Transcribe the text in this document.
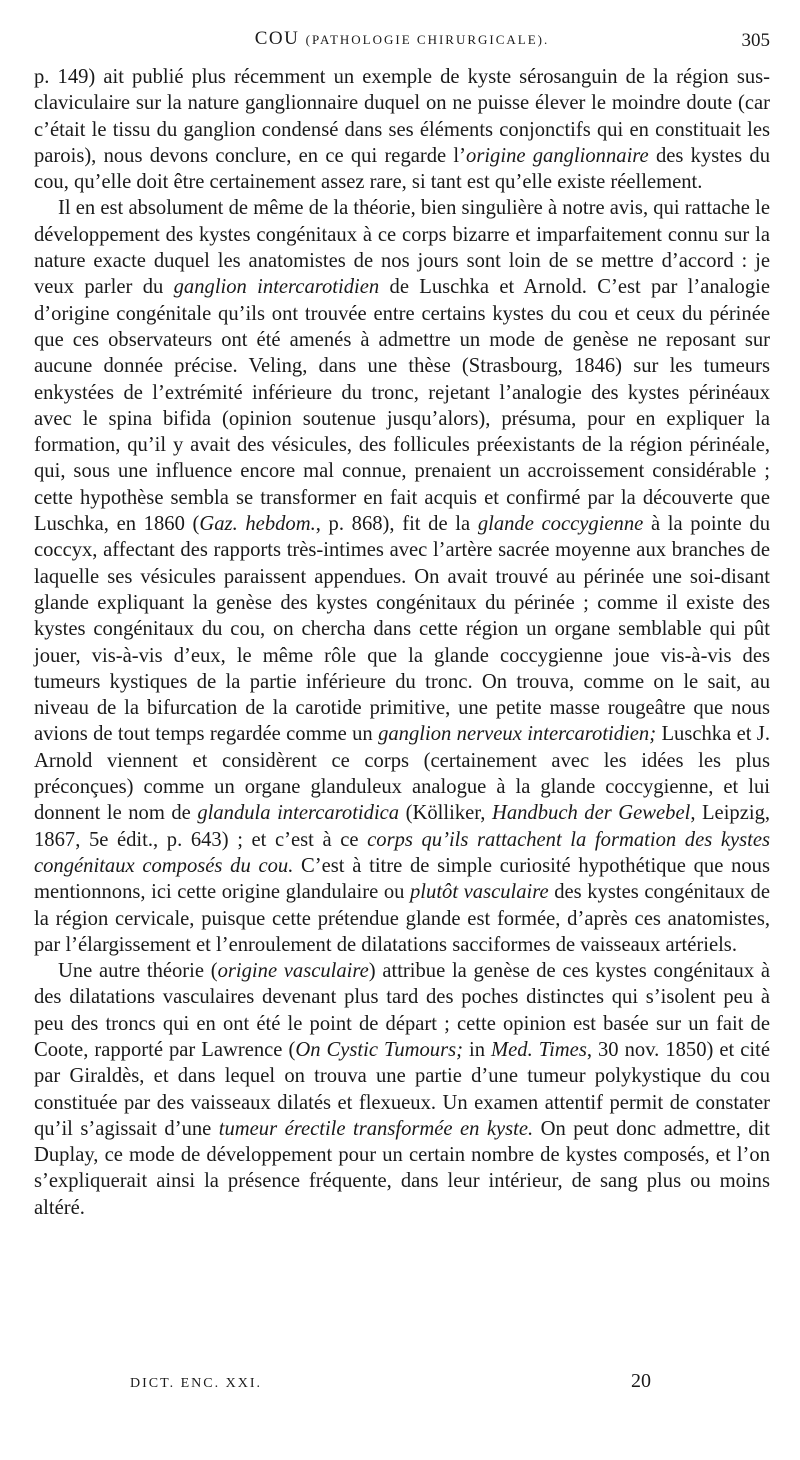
COU (PATHOLOGIE CHIRURGICALE).	305

p. 149) ait publié plus récemment un exemple de kyste sérosanguin de la région sus-claviculaire sur la nature ganglionnaire duquel on ne puisse élever le moindre doute (car c’était le tissu du ganglion condensé dans ses éléments conjonctifs qui en constituait les parois), nous devons conclure, en ce qui regarde l’origine ganglionnaire des kystes du cou, qu’elle doit être certainement assez rare, si tant est qu’elle existe réellement.

Il en est absolument de même de la théorie, bien singulière à notre avis, qui rattache le développement des kystes congénitaux à ce corps bizarre et imparfaitement connu sur la nature exacte duquel les anatomistes de nos jours sont loin de se mettre d’accord : je veux parler du ganglion intercarotidien de Luschka et Arnold. C’est par l’analogie d’origine congénitale qu’ils ont trouvée entre certains kystes du cou et ceux du périnée que ces observateurs ont été amenés à admettre un mode de genèse ne reposant sur aucune donnée précise. Veling, dans une thèse (Strasbourg, 1846) sur les tumeurs enkystées de l’extrémité inférieure du tronc, rejetant l’analogie des kystes périnéaux avec le spina bifida (opinion soutenue jusqu’alors), présuma, pour en expliquer la formation, qu’il y avait des vésicules, des follicules préexistants de la région périnéale, qui, sous une influence encore mal connue, prenaient un accroissement considérable ; cette hypothèse sembla se transformer en fait acquis et confirmé par la découverte que Luschka, en 1860 (Gaz. hebdom., p. 868), fit de la glande coccygienne à la pointe du coccyx, affectant des rapports très-intimes avec l’artère sacrée moyenne aux branches de laquelle ses vésicules paraissent appendues. On avait trouvé au périnée une soi-disant glande expliquant la genèse des kystes congénitaux du périnée ; comme il existe des kystes congénitaux du cou, on chercha dans cette région un organe semblable qui pût jouer, vis-à-vis d’eux, le même rôle que la glande coccygienne joue vis-à-vis des tumeurs kystiques de la partie inférieure du tronc. On trouva, comme on le sait, au niveau de la bifurcation de la carotide primitive, une petite masse rougeâtre que nous avions de tout temps regardée comme un ganglion nerveux intercarotidien; Luschka et J. Arnold viennent et considèrent ce corps (certainement avec les idées les plus préconçues) comme un organe glanduleux analogue à la glande coccygienne, et lui donnent le nom de glandula intercarotidica (Kölliker, Handbuch der Gewebel, Leipzig, 1867, 5e édit., p. 643) ; et c’est à ce corps qu’ils rattachent la formation des kystes congénitaux composés du cou. C’est à titre de simple curiosité hypothétique que nous mentionnons, ici cette origine glandulaire ou plutôt vasculaire des kystes congénitaux de la région cervicale, puisque cette prétendue glande est formée, d’après ces anatomistes, par l’élargissement et l’enroulement de dilatations sacciformes de vaisseaux artériels.

Une autre théorie (origine vasculaire) attribue la genèse de ces kystes congénitaux à des dilatations vasculaires devenant plus tard des poches distinctes qui s’isolent peu à peu des troncs qui en ont été le point de départ ; cette opinion est basée sur un fait de Coote, rapporté par Lawrence (On Cystic Tumours; in Med. Times, 30 nov. 1850) et cité par Giraldès, et dans lequel on trouva une partie d’une tumeur polykystique du cou constituée par des vaisseaux dilatés et flexueux. Un examen attentif permit de constater qu’il s’agissait d’une tumeur érectile transformée en kyste. On peut donc admettre, dit Duplay, ce mode de développement pour un certain nombre de kystes composés, et l’on s’expliquerait ainsi la présence fréquente, dans leur intérieur, de sang plus ou moins altéré.

DICT. ENC. XXI.	20
